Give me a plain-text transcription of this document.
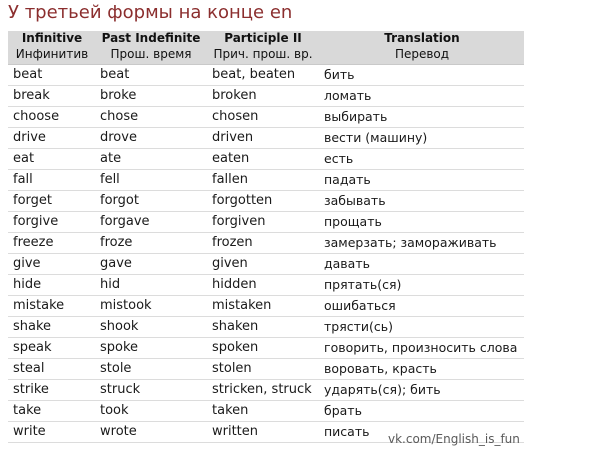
У третьей формы на конце en
Infinitive	Past Indefinite	Participle II	Translation
Инфинитив	Прош. время	Прич. прош. вр.	Перевод
beat	beat	beat, beaten	бить
break	broke	broken	ломать
choose	chose	chosen	выбирать
drive	drove	driven	вести (машину)
eat	ate	eaten	есть
fall	fell	fallen	падать
forget	forgot	forgotten	забывать
forgive	forgave	forgiven	прощать
freeze	froze	frozen	замерзать; замораживать
give	gave	given	давать
hide	hid	hidden	прятать(ся)
mistake	mistook	mistaken	ошибаться
shake	shook	shaken	трясти(сь)
speak	spoke	spoken	говорить, произносить слова
steal	stole	stolen	воровать, красть
strike	struck	stricken, struck	ударять(ся); бить
take	took	taken	брать
write	wrote	written	писать vk.com/English_is_fun
